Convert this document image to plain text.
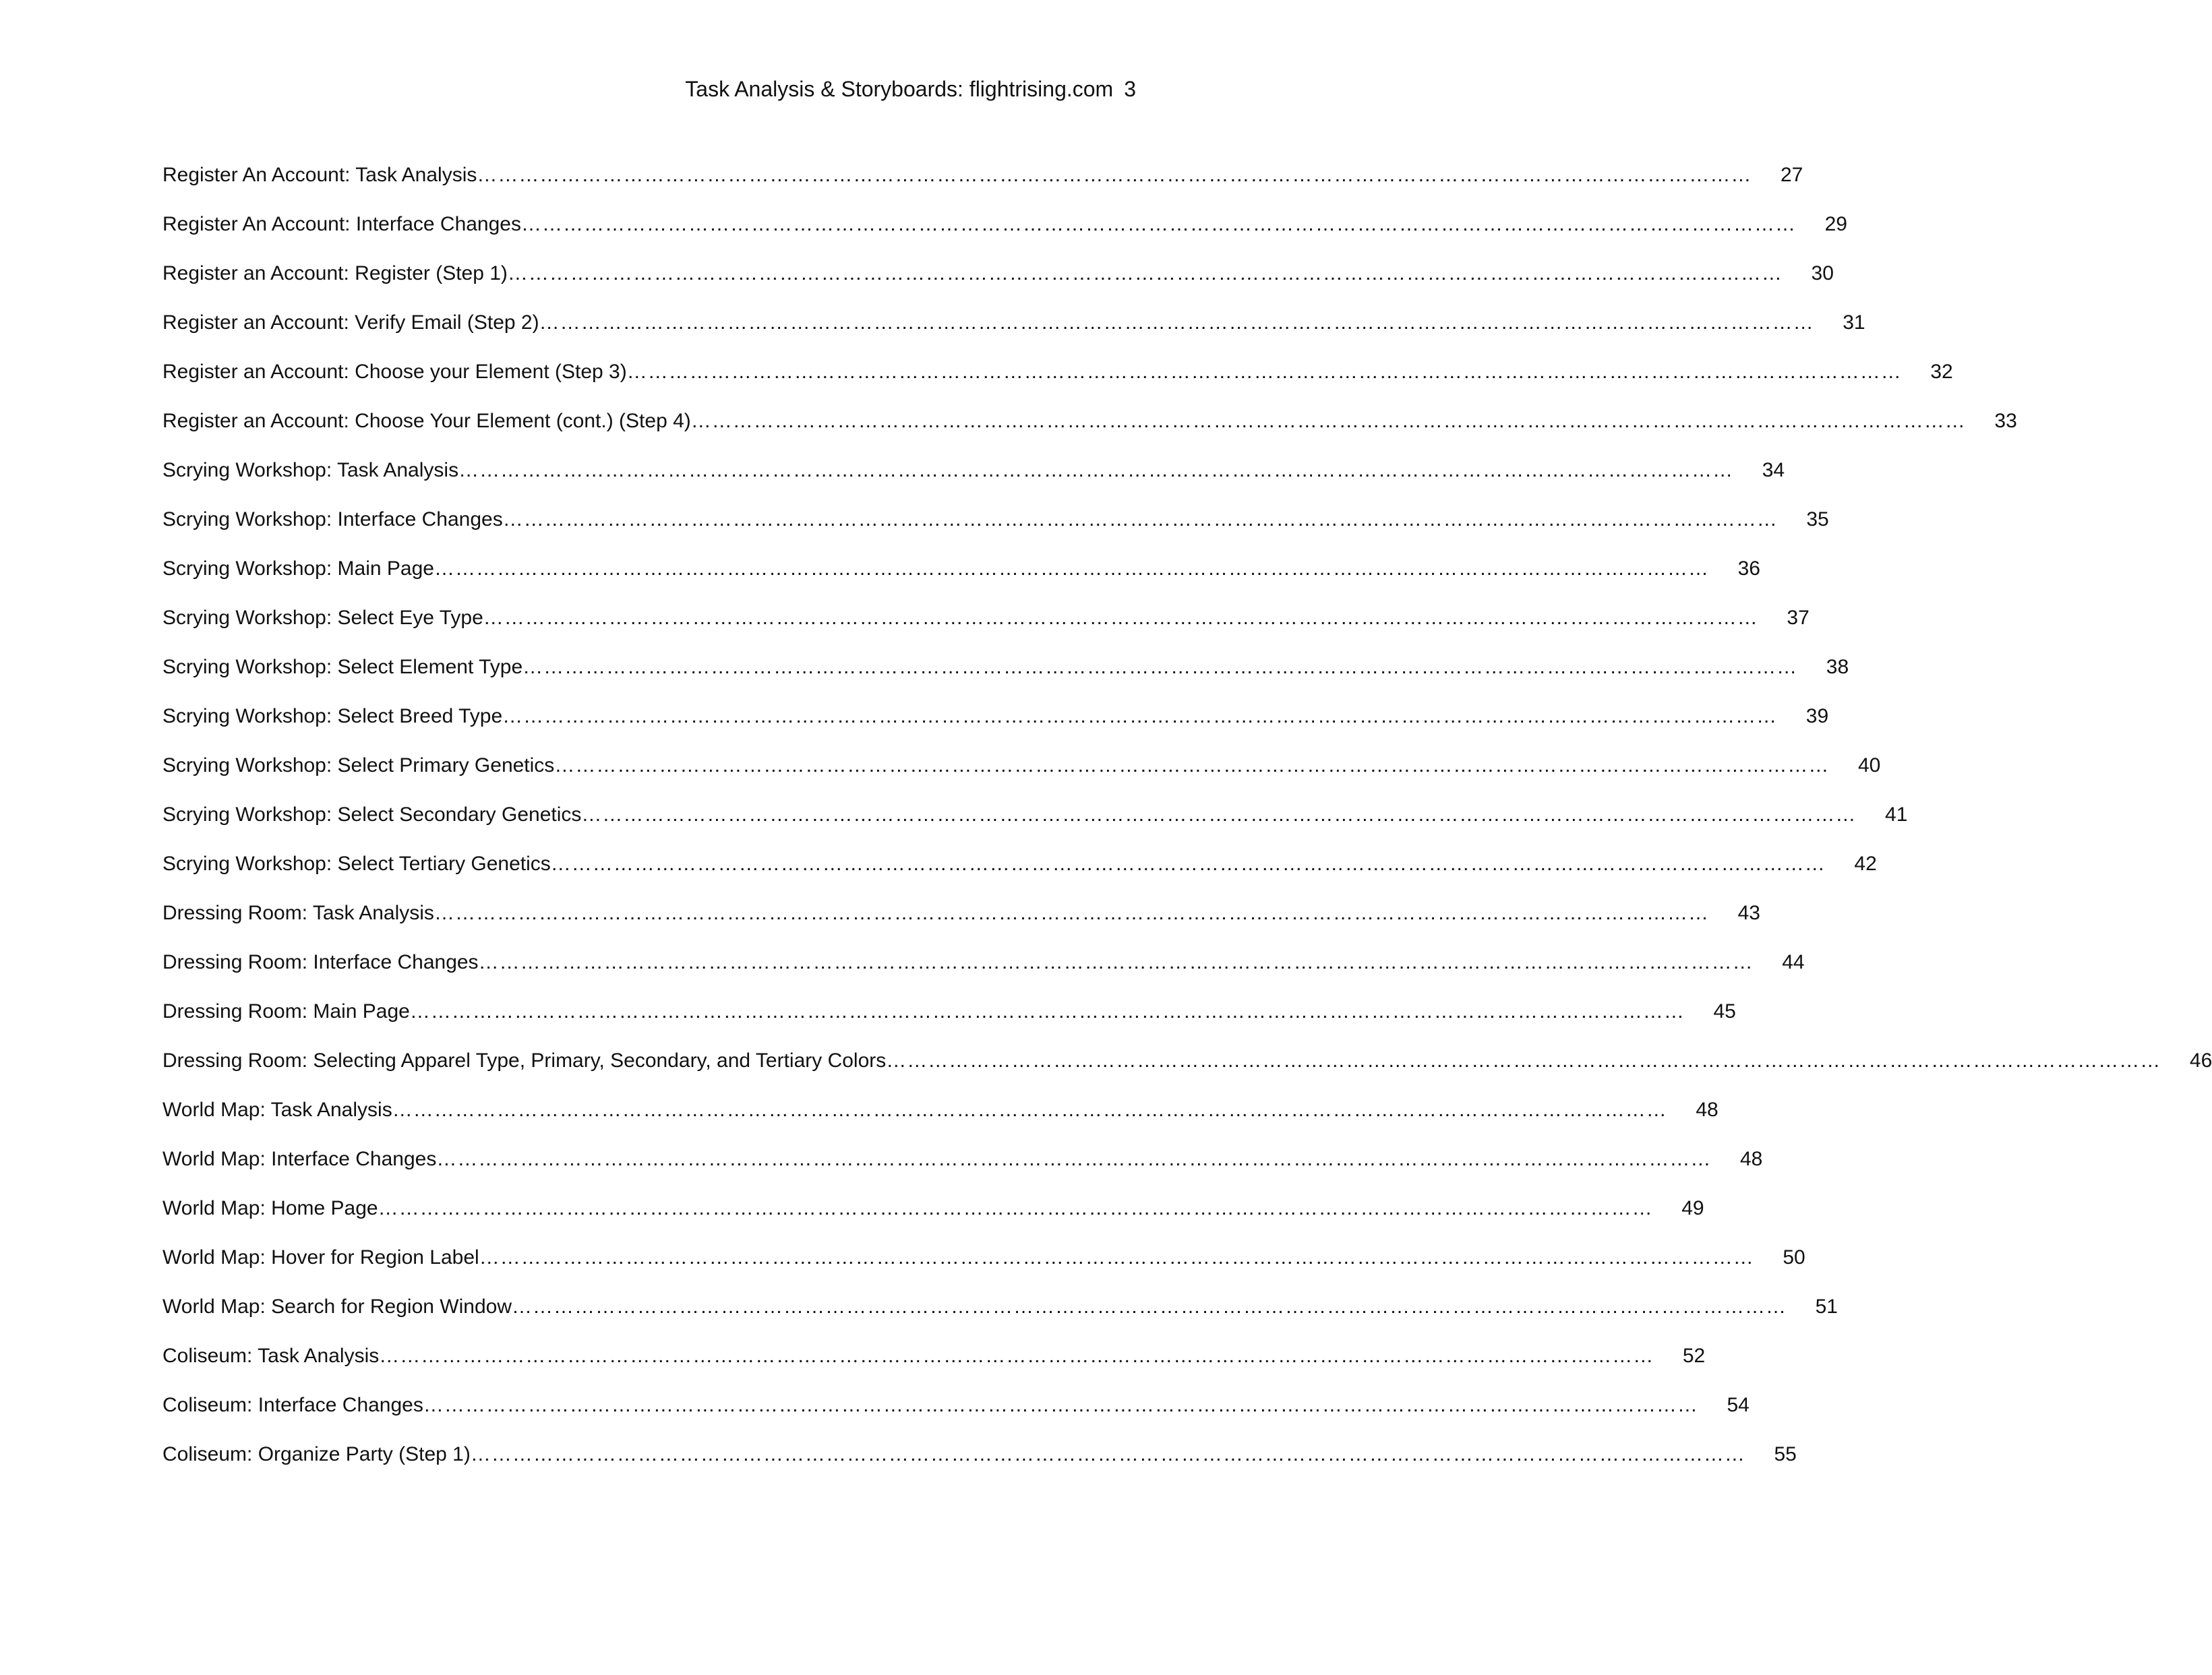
Task Analysis & Storyboards: flightrising.com 3
Register An Account: Task Analysis ………………………………………………………………………………………………………………………………………………………………… 27
Register An Account: Interface Changes ………………………………………………………………………………………………………………………………………………………………… 29
Register an Account: Register (Step 1) ………………………………………………………………………………………………………………………………………………………………… 30
Register an Account: Verify Email (Step 2) ………………………………………………………………………………………………………………………………………………………………… 31
Register an Account: Choose your Element (Step 3) ………………………………………………………………………………………………………………………………………………………………… 32
Register an Account: Choose Your Element (cont.) (Step 4) ………………………………………………………………………………………………………………………………………………………………… 33
Scrying Workshop: Task Analysis ………………………………………………………………………………………………………………………………………………………………… 34
Scrying Workshop: Interface Changes ………………………………………………………………………………………………………………………………………………………………… 35
Scrying Workshop: Main Page ………………………………………………………………………………………………………………………………………………………………… 36
Scrying Workshop: Select Eye Type ………………………………………………………………………………………………………………………………………………………………… 37
Scrying Workshop: Select Element Type ………………………………………………………………………………………………………………………………………………………………… 38
Scrying Workshop: Select Breed Type ………………………………………………………………………………………………………………………………………………………………… 39
Scrying Workshop: Select Primary Genetics ………………………………………………………………………………………………………………………………………………………………… 40
Scrying Workshop: Select Secondary Genetics ………………………………………………………………………………………………………………………………………………………………… 41
Scrying Workshop: Select Tertiary Genetics ………………………………………………………………………………………………………………………………………………………………… 42
Dressing Room: Task Analysis ………………………………………………………………………………………………………………………………………………………………… 43
Dressing Room: Interface Changes ………………………………………………………………………………………………………………………………………………………………… 44
Dressing Room: Main Page ………………………………………………………………………………………………………………………………………………………………… 45
Dressing Room: Selecting Apparel Type, Primary, Secondary, and Tertiary Colors ………………………………………………………………………………………………………………………………………………………………… 46
World Map: Task Analysis ………………………………………………………………………………………………………………………………………………………………… 48
World Map: Interface Changes ………………………………………………………………………………………………………………………………………………………………… 48
World Map: Home Page ………………………………………………………………………………………………………………………………………………………………… 49
World Map: Hover for Region Label ………………………………………………………………………………………………………………………………………………………………… 50
World Map: Search for Region Window ………………………………………………………………………………………………………………………………………………………………… 51
Coliseum: Task Analysis ………………………………………………………………………………………………………………………………………………………………… 52
Coliseum: Interface Changes ………………………………………………………………………………………………………………………………………………………………… 54
Coliseum: Organize Party (Step 1) ………………………………………………………………………………………………………………………………………………………………… 55
